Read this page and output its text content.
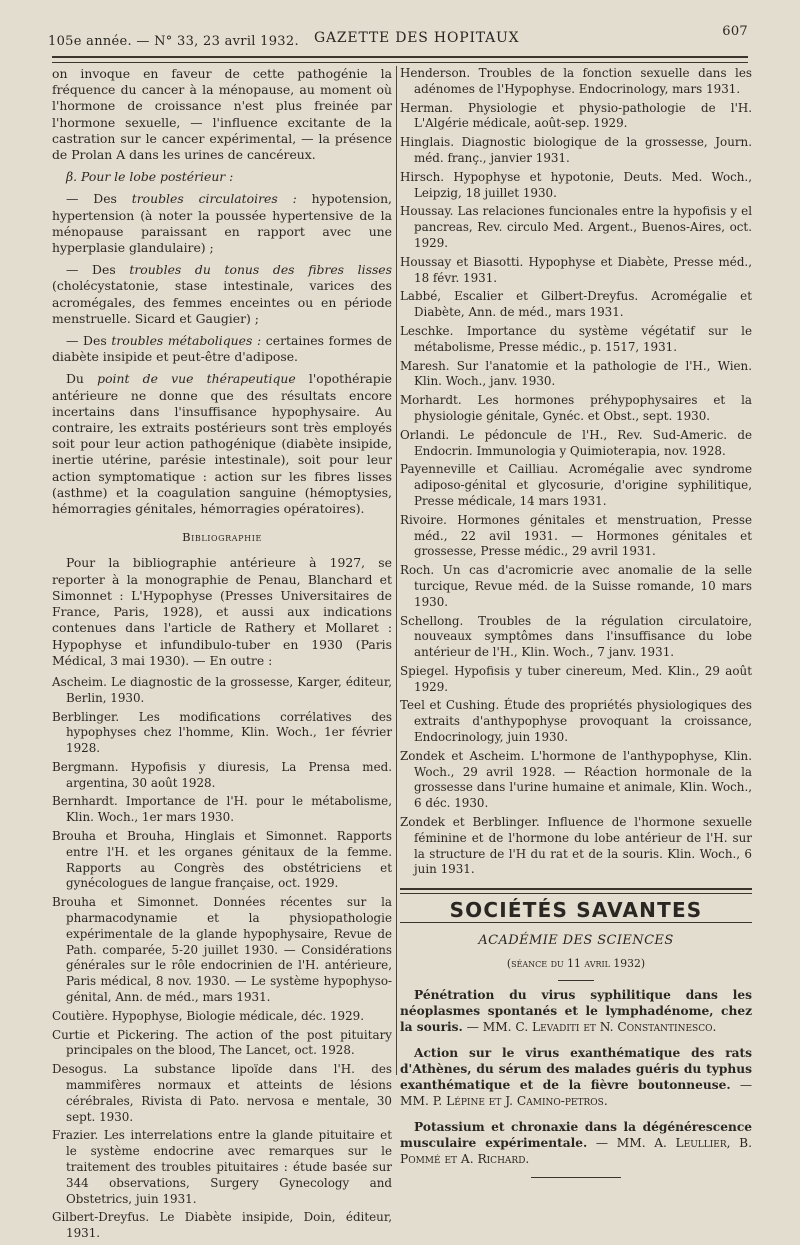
105e année. — N° 33, 23 avril 1932. GAZETTE DES HOPITAUX	607

on invoque en faveur de cette pathogénie la fréquence du cancer à la ménopause, au moment où l'hormone de croissance n'est plus freinée par l'hormone sexuelle, — l'influence excitante de la castration sur le cancer expérimental, — la présence de Prolan A dans les urines de cancéreux.

β. Pour le lobe postérieur :

— Des troubles circulatoires : hypotension, hypertension (à noter la poussée hypertensive de la ménopause paraissant en rapport avec une hyperplasie glandulaire) ;

— Des troubles du tonus des fibres lisses (cholécystatonie, stase intestinale, varices des acromégales, des femmes enceintes ou en période menstruelle. Sicard et Gaugier) ;

— Des troubles métaboliques : certaines formes de diabète insipide et peut-être d'adipose.

Du point de vue thérapeutique l'opothérapie antérieure ne donne que des résultats encore incertains dans l'insuffisance hypophysaire. Au contraire, les extraits postérieurs sont très employés soit pour leur action pathogénique (diabète insipide, inertie utérine, parésie intestinale), soit pour leur action symptomatique : action sur les fibres lisses (asthme) et la coagulation sanguine (hémoptysies, hémorragies génitales, hémorragies opératoires).

Bibliographie

Pour la bibliographie antérieure à 1927, se reporter à la monographie de Penau, Blanchard et Simonnet : L'Hypophyse (Presses Universitaires de France, Paris, 1928), et aussi aux indications contenues dans l'article de Rathery et Mollaret : Hypophyse et infundibulo-tuber en 1930 (Paris Médical, 3 mai 1930). — En outre :

Ascheim. Le diagnostic de la grossesse, Karger, éditeur, Berlin, 1930.

Berblinger. Les modifications corrélatives des hypophyses chez l'homme, Klin. Woch., 1er février 1928.

Bergmann. Hypofisis y diuresis, La Prensa med. argentina, 30 août 1928.

Bernhardt. Importance de l'H. pour le métabolisme, Klin. Woch., 1er mars 1930.

Brouha et Brouha, Hinglais et Simonnet. Rapports entre l'H. et les organes génitaux de la femme. Rapports au Congrès des obstétriciens et gynécologues de langue française, oct. 1929.

Brouha et Simonnet. Données récentes sur la pharmacodynamie et la physiopathologie expérimentale de la glande hypophysaire, Revue de Path. comparée, 5-20 juillet 1930. — Considérations générales sur le rôle endocrinien de l'H. antérieure, Paris médical, 8 nov. 1930. — Le système hypophyso-génital, Ann. de méd., mars 1931.

Coutière. Hypophyse, Biologie médicale, déc. 1929.

Curtie et Pickering. The action of the post pituitary principales on the blood, The Lancet, oct. 1928.

Desogus. La substance lipoïde dans l'H. des mammifères normaux et atteints de lésions cérébrales, Rivista di Pato. nervosa e mentale, 30 sept. 1930.

Frazier. Les interrelations entre la glande pituitaire et le système endocrine avec remarques sur le traitement des troubles pituitaires : étude basée sur 344 observations, Surgery Gynecology and Obstetrics, juin 1931.

Gilbert-Dreyfus. Le Diabète insipide, Doin, éditeur, 1931.

Henderson. Troubles de la fonction sexuelle dans les adénomes de l'Hypophyse. Endocrinology, mars 1931.

Herman. Physiologie et physio-pathologie de l'H. L'Algérie médicale, août-sep. 1929.

Hinglais. Diagnostic biologique de la grossesse, Journ. méd. franç., janvier 1931.

Hirsch. Hypophyse et hypotonie, Deuts. Med. Woch., Leipzig, 18 juillet 1930.

Houssay. Las relaciones funcionales entre la hypofisis y el pancreas, Rev. circulo Med. Argent., Buenos-Aires, oct. 1929.

Houssay et Biasotti. Hypophyse et Diabète, Presse méd., 18 févr. 1931.

Labbé, Escalier et Gilbert-Dreyfus. Acromégalie et Diabète, Ann. de méd., mars 1931.

Leschke. Importance du système végétatif sur le métabolisme, Presse médic., p. 1517, 1931.

Maresh. Sur l'anatomie et la pathologie de l'H., Wien. Klin. Woch., janv. 1930.

Morhardt. Les hormones préhypophysaires et la physiologie génitale, Gynéc. et Obst., sept. 1930.

Orlandi. Le pédoncule de l'H., Rev. Sud-Americ. de Endocrin. Immunologia y Quimioterapia, nov. 1928.

Payenneville et Cailliau. Acromégalie avec syndrome adiposo-génital et glycosurie, d'origine syphilitique, Presse médicale, 14 mars 1931.

Rivoire. Hormones génitales et menstruation, Presse méd., 22 avil 1931. — Hormones génitales et grossesse, Presse médic., 29 avril 1931.

Roch. Un cas d'acromicrie avec anomalie de la selle turcique, Revue méd. de la Suisse romande, 10 mars 1930.

Schellong. Troubles de la régulation circulatoire, nouveaux symptômes dans l'insuffisance du lobe antérieur de l'H., Klin. Woch., 7 janv. 1931.

Spiegel. Hypofisis y tuber cinereum, Med. Klin., 29 août 1929.

Teel et Cushing. Étude des propriétés physiologiques des extraits d'anthypophyse provoquant la croissance, Endocrinology, juin 1930.

Zondek et Ascheim. L'hormone de l'anthypophyse, Klin. Woch., 29 avril 1928. — Réaction hormonale de la grossesse dans l'urine humaine et animale, Klin. Woch., 6 déc. 1930.

Zondek et Berblinger. Influence de l'hormone sexuelle féminine et de l'hormone du lobe antérieur de l'H. sur la structure de l'H du rat et de la souris. Klin. Woch., 6 juin 1931.

SOCIÉTÉS SAVANTES
ACADÉMIE DES SCIENCES
(séance du 11 avril 1932)

Pénétration du virus syphilitique dans les néoplasmes spontanés et le lymphadénome, chez la souris. — MM. C. Levaditi et N. Constantinesco.

Action sur le virus exanthématique des rats d'Athènes, du sérum des malades guéris du typhus exanthématique et de la fièvre boutonneuse. — MM. P. Lépine et J. Camino-petros.

Potassium et chronaxie dans la dégénérescence musculaire expérimentale. — MM. A. Leullier, B. Pommé et A. Richard.
